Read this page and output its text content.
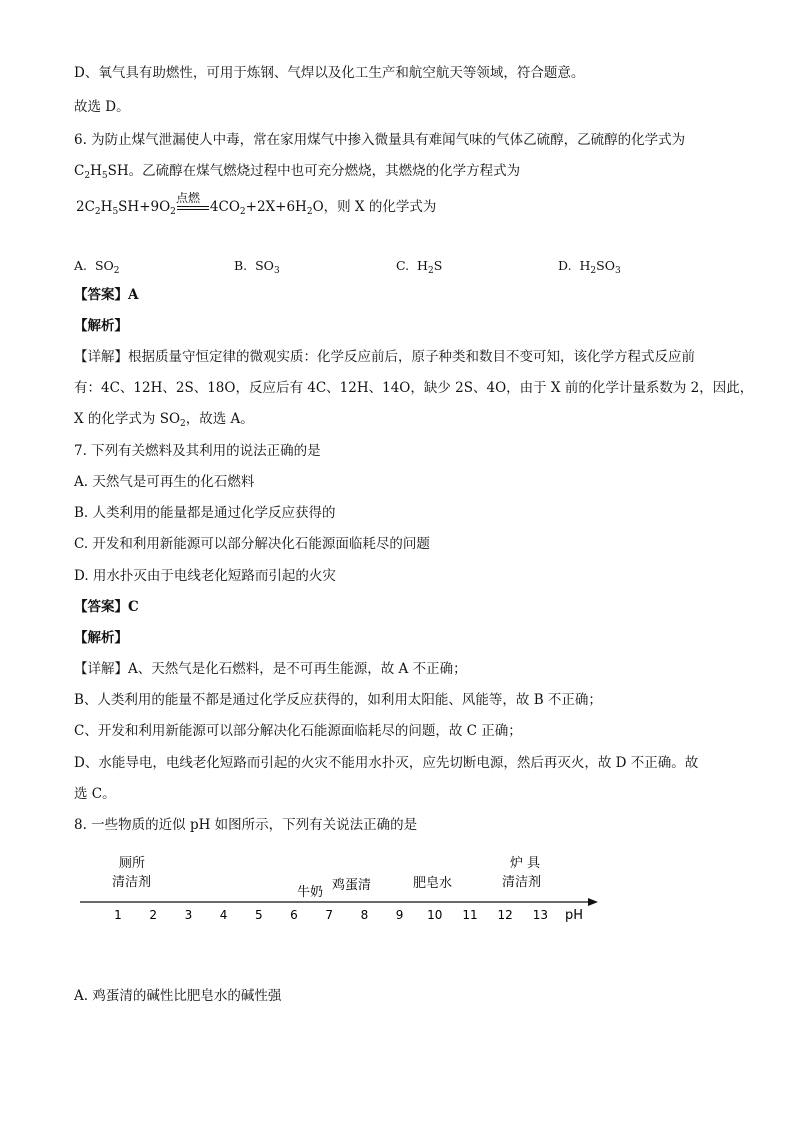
D、氧气具有助燃性，可用于炼钢、气焊以及化工生产和航空航天等领域，符合题意。
故选 D。
6. 为防止煤气泄漏使人中毒，常在家用煤气中掺入微量具有难闻气味的气体乙硫醇，乙硫醇的化学式为
$C_2H_5SH$。乙硫醇在煤气燃烧过程中也可充分燃烧，其燃烧的化学方程式为
点燃
$2C_2H_5SH+9O_2$	$4CO_2+2X+6H_2O$，则 X 的化学式为
A.  $SO_2$	B.  $SO_3$	C.  $H_2S$	D.  $H_2SO_3$
【答案】A
【解析】
【详解】根据质量守恒定律的微观实质：化学反应前后，原子种类和数目不变可知，该化学方程式反应前
有：4C、12H、2S、18O，反应后有 4C、12H、14O，缺少 2S、4O，由于 X 前的化学计量系数为 2，因此，
X 的化学式为 $SO_2$，故选 A。
7. 下列有关燃料及其利用的说法正确的是
A. 天然气是可再生的化石燃料
B. 人类利用的能量都是通过化学反应获得的
C. 开发和利用新能源可以部分解决化石能源面临耗尽的问题
D. 用水扑灭由于电线老化短路而引起的火灾
【答案】C
【解析】
【详解】A、天然气是化石燃料，是不可再生能源，故 A 不正确；
B、人类利用的能量不都是通过化学反应获得的，如利用太阳能、风能等，故 B 不正确；
C、开发和利用新能源可以部分解决化石能源面临耗尽的问题，故 C 正确；
D、水能导电，电线老化短路而引起的火灾不能用水扑灭，应先切断电源，然后再灭火，故 D 不正确。故
选 C。
8. 一些物质的近似 pH 如图所示，下列有关说法正确的是
1 2 3 4 5 6 7 8 9 10 11 12 13 pH
厕所
清洁剂
牛奶 鸡蛋清	肥皂水
炉 具
清洁剂
A. 鸡蛋清的碱性比肥皂水的碱性强
